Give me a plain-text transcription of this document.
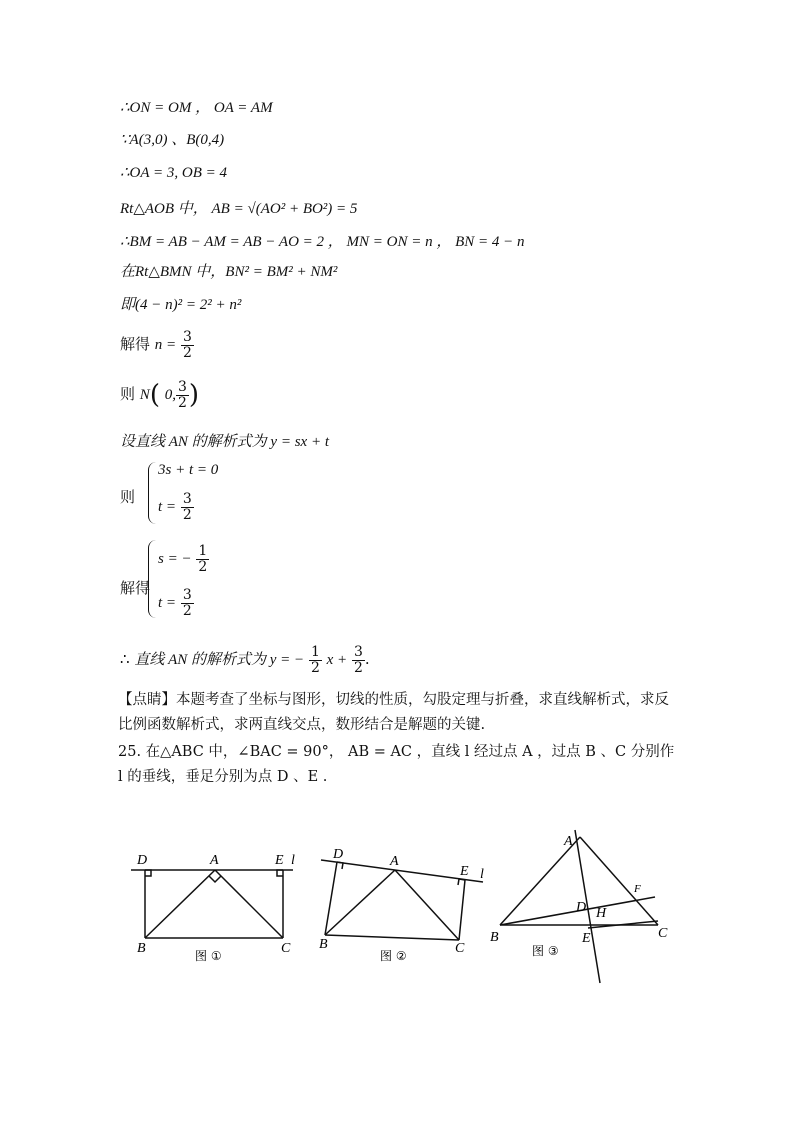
∴ON = OM ， OA = AM
∵A(3,0) 、B(0,4)
∴OA = 3, OB = 4
Rt△AOB 中， AB = √(AO² + BO²) = 5
∴BM = AB − AM = AB − AO = 2 ， MN = ON = n ， BN = 4 − n
在Rt△BMN 中，BN² = BM² + NM²
即(4 − n)² = 2² + n²
解得 $n = \frac{3}{2}$
则 N( 0, $\frac{3}{2}$ )
设直线 AN 的解析式为 y = sx + t
则
3s + t = 0
$t = \frac{3}{2}$
解得
s = − $\frac{1}{2}$
$t = \frac{3}{2}$
∴ 直线 AN 的解析式为 y = − $\frac{1}{2}$ $x + \frac{3}{2}$ .
【点睛】本题考查了坐标与图形，切线的性质，勾股定理与折叠，求直线解析式，求反比例函数解析式，求两直线交点，数形结合是解题的关键.
25. 在△ABC 中，∠BAC = 90°， AB = AC ，直线 l 经过点 A ，过点 B 、C 分别作 l 的垂线，垂足分别为点 D 、E .
D	A	E l
B	C
图 ①
D	A
E l
B	C
图 ②
A
B	C
D
E
F
H
图 ③
